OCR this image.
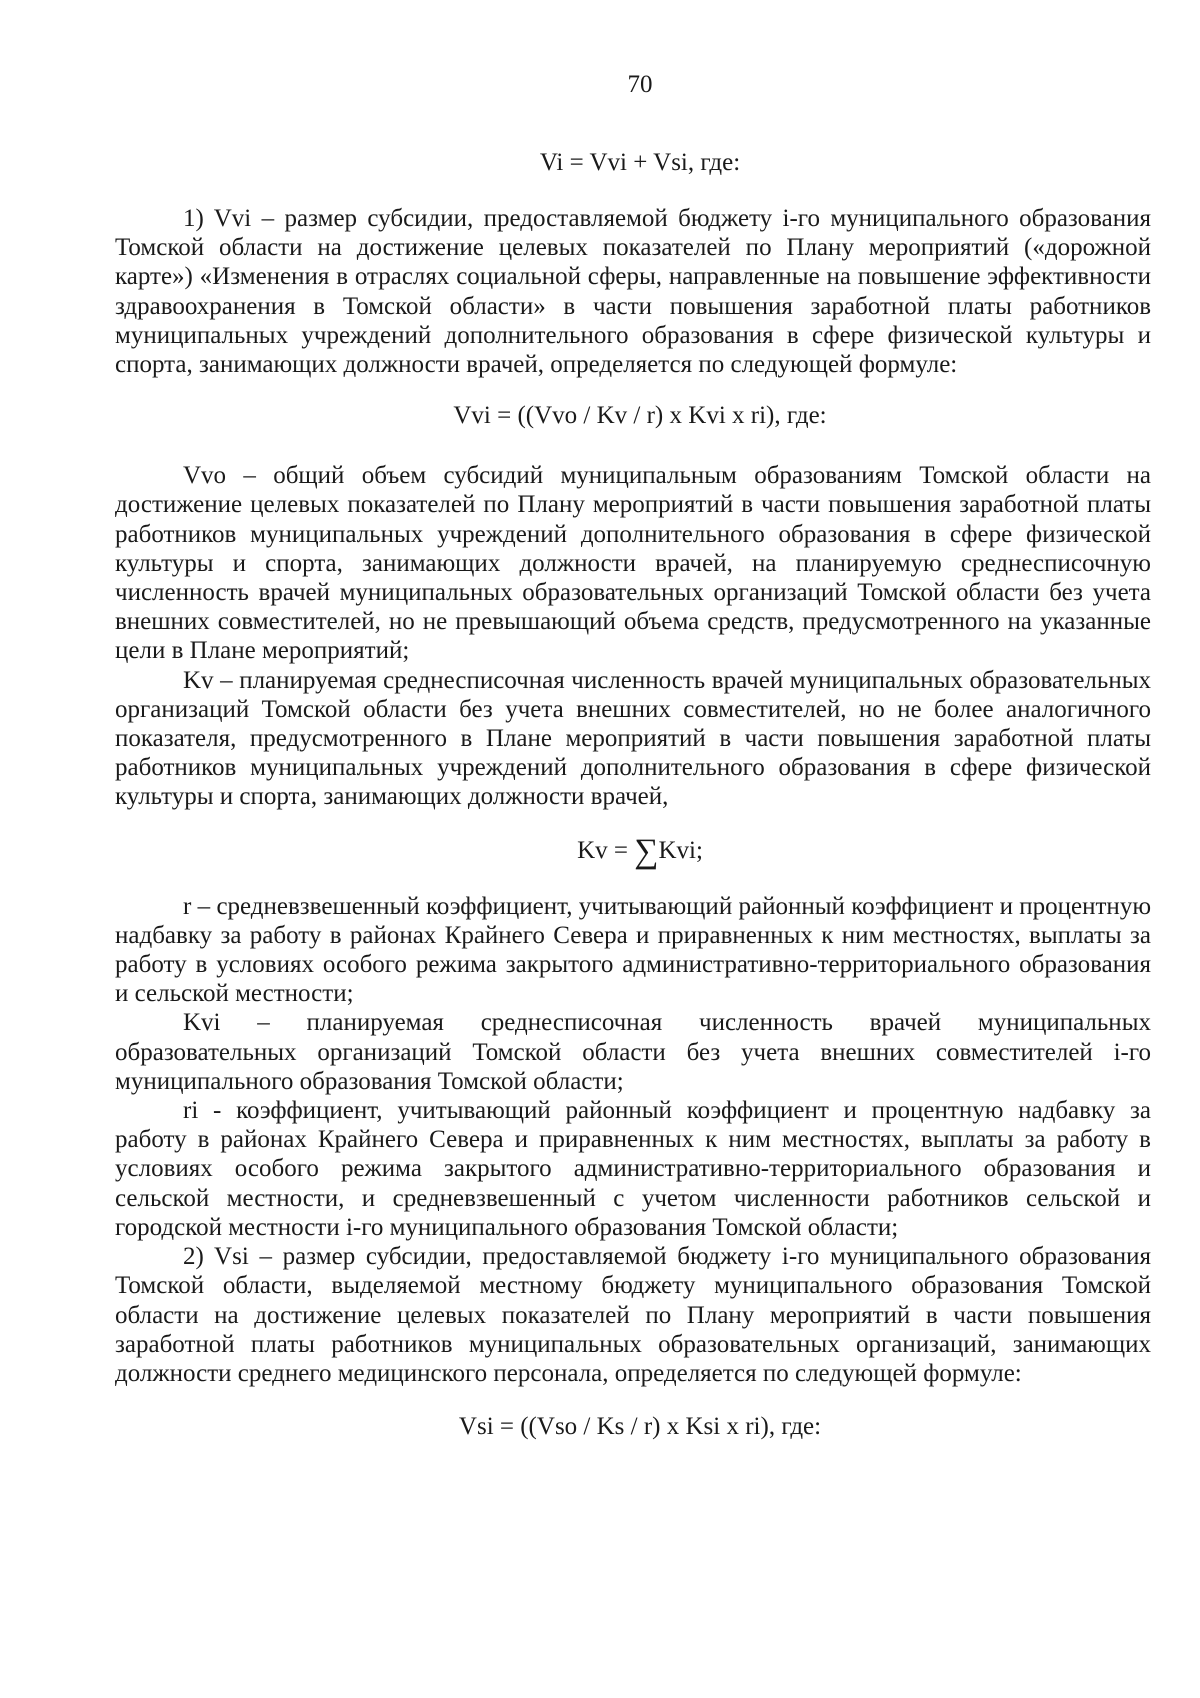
70

Vi = Vvi + Vsi, где:

1) Vvi – размер субсидии, предоставляемой бюджету i-го муниципального образования Томской области на достижение целевых показателей по Плану мероприятий («дорожной карте») «Изменения в отраслях социальной сферы, направленные на повышение эффективности здравоохранения в Томской области» в части повышения заработной платы работников муниципальных учреждений дополнительного образования в сфере физической культуры и спорта, занимающих должности врачей, определяется по следующей формуле:

Vvi = ((Vvo / Kv / r) x Kvi x ri), где:

Vvo – общий объем субсидий муниципальным образованиям Томской области на достижение целевых показателей по Плану мероприятий в части повышения заработной платы работников муниципальных учреждений дополнительного образования в сфере физической культуры и спорта, занимающих должности врачей, на планируемую среднесписочную численность врачей муниципальных образовательных организаций Томской области без учета внешних совместителей, но не превышающий объема средств, предусмотренного на указанные цели в Плане мероприятий;

Kv – планируемая среднесписочная численность врачей муниципальных образовательных организаций Томской области без учета внешних совместителей, но не более аналогичного показателя, предусмотренного в Плане мероприятий в части повышения заработной платы работников муниципальных учреждений дополнительного образования в сфере физической культуры и спорта, занимающих должности врачей,

Kv = ∑Kvi;

r – средневзвешенный коэффициент, учитывающий районный коэффициент и процентную надбавку за работу в районах Крайнего Севера и приравненных к ним местностях, выплаты за работу в условиях особого режима закрытого административно-территориального образования и сельской местности;

Kvi – планируемая среднесписочная численность врачей муниципальных образовательных организаций Томской области без учета внешних совместителей i-го муниципального образования Томской области;

ri - коэффициент, учитывающий районный коэффициент и процентную надбавку за работу в районах Крайнего Севера и приравненных к ним местностях, выплаты за работу в условиях особого режима закрытого административно-территориального образования и сельской местности, и средневзвешенный с учетом численности работников сельской и городской местности i-го муниципального образования Томской области;

2) Vsi – размер субсидии, предоставляемой бюджету i-го муниципального образования Томской области, выделяемой местному бюджету муниципального образования Томской области на достижение целевых показателей по Плану мероприятий в части повышения заработной платы работников муниципальных образовательных организаций, занимающих должности среднего медицинского персонала, определяется по следующей формуле:

Vsi = ((Vso / Ks / r) x Ksi x ri), где:
